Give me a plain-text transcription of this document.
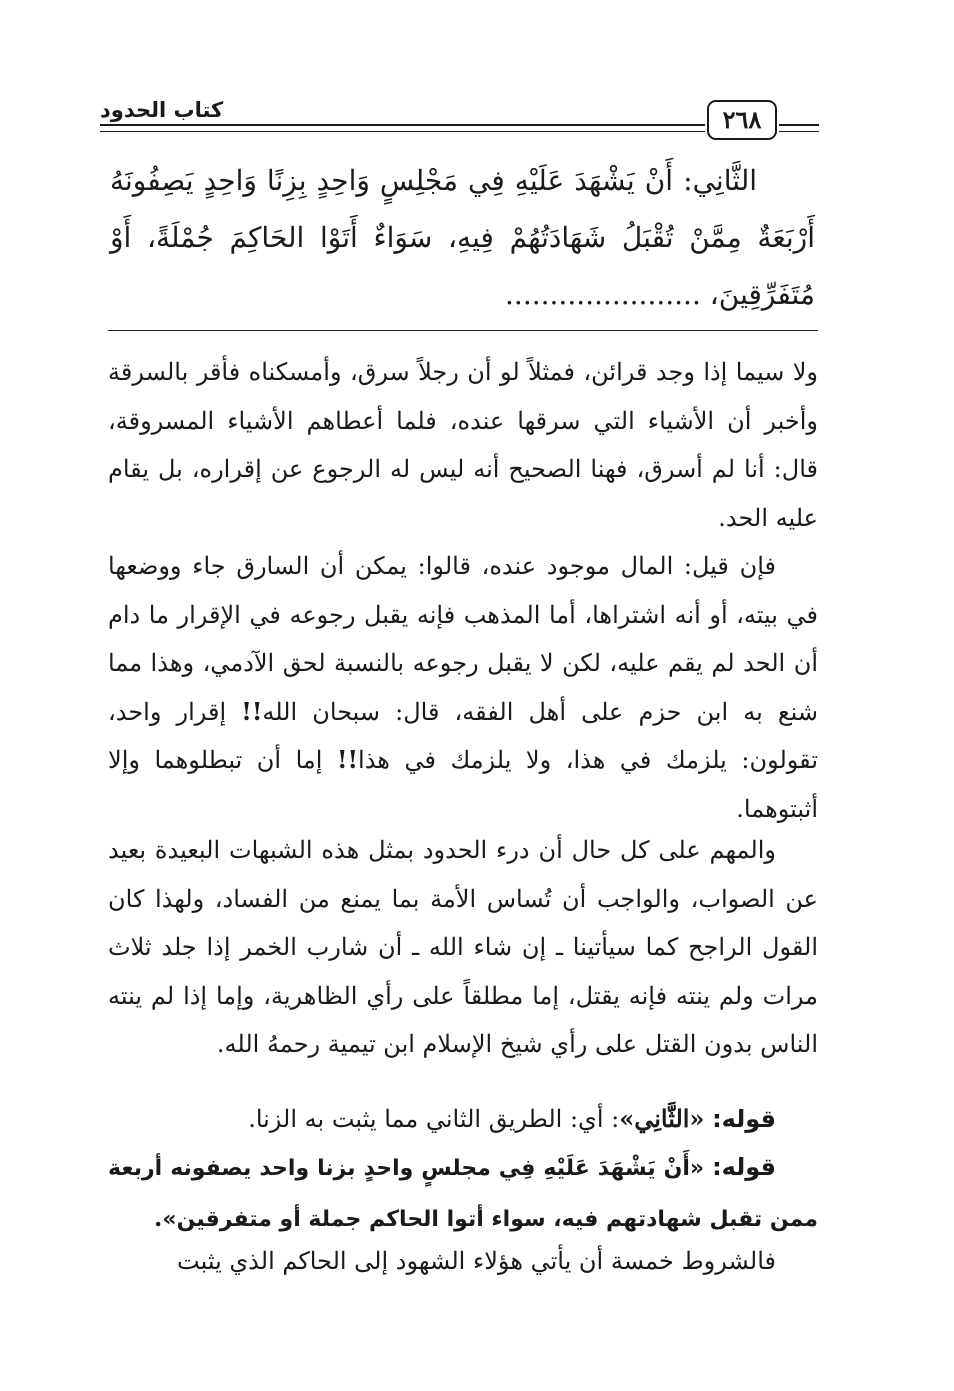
كتاب الحدود	٢٦٨
الثَّانِي: أَنْ يَشْهَدَ عَلَيْهِ فِي مَجْلِسٍ وَاحِدٍ بِزِنًا وَاحِدٍ يَصِفُونَهُ أَرْبَعَةٌ مِمَّنْ تُقْبَلُ شَهَادَتُهُمْ فِيهِ، سَوَاءٌ أَتَوْا الحَاكِمَ جُمْلَةً، أَوْ مُتَفَرِّقِينَ، ......................
ولا سيما إذا وجد قرائن، فمثلاً لو أن رجلاً سرق، وأمسكناه فأقر بالسرقة وأخبر أن الأشياء التي سرقها عنده، فلما أعطاهم الأشياء المسروقة، قال: أنا لم أسرق، فهنا الصحيح أنه ليس له الرجوع عن إقراره، بل يقام عليه الحد.
فإن قيل: المال موجود عنده، قالوا: يمكن أن السارق جاء ووضعها في بيته، أو أنه اشتراها، أما المذهب فإنه يقبل رجوعه في الإقرار ما دام أن الحد لم يقم عليه، لكن لا يقبل رجوعه بالنسبة لحق الآدمي، وهذا مما شنع به ابن حزم على أهل الفقه، قال: سبحان الله!! إقرار واحد، تقولون: يلزمك في هذا، ولا يلزمك في هذا!! إما أن تبطلوهما وإلا أثبتوهما.
والمهم على كل حال أن درء الحدود بمثل هذه الشبهات البعيدة بعيد عن الصواب، والواجب أن تُساس الأمة بما يمنع من الفساد، ولهذا كان القول الراجح كما سيأتينا ـ إن شاء الله ـ أن شارب الخمر إذا جلد ثلاث مرات ولم ينته فإنه يقتل، إما مطلقاً على رأي الظاهرية، وإما إذا لم ينته الناس بدون القتل على رأي شيخ الإسلام ابن تيمية رحمهُ الله.
قوله: «الثَّانِي»: أي: الطريق الثاني مما يثبت به الزنا.
قوله: «أَنْ يَشْهَدَ عَلَيْهِ فِي مجلسٍ واحدٍ بزنا واحد يصفونه أربعة ممن تقبل شهادتهم فيه، سواء أتوا الحاكم جملة أو متفرقين».
فالشروط خمسة أن يأتي هؤلاء الشهود إلى الحاكم الذي يثبت
